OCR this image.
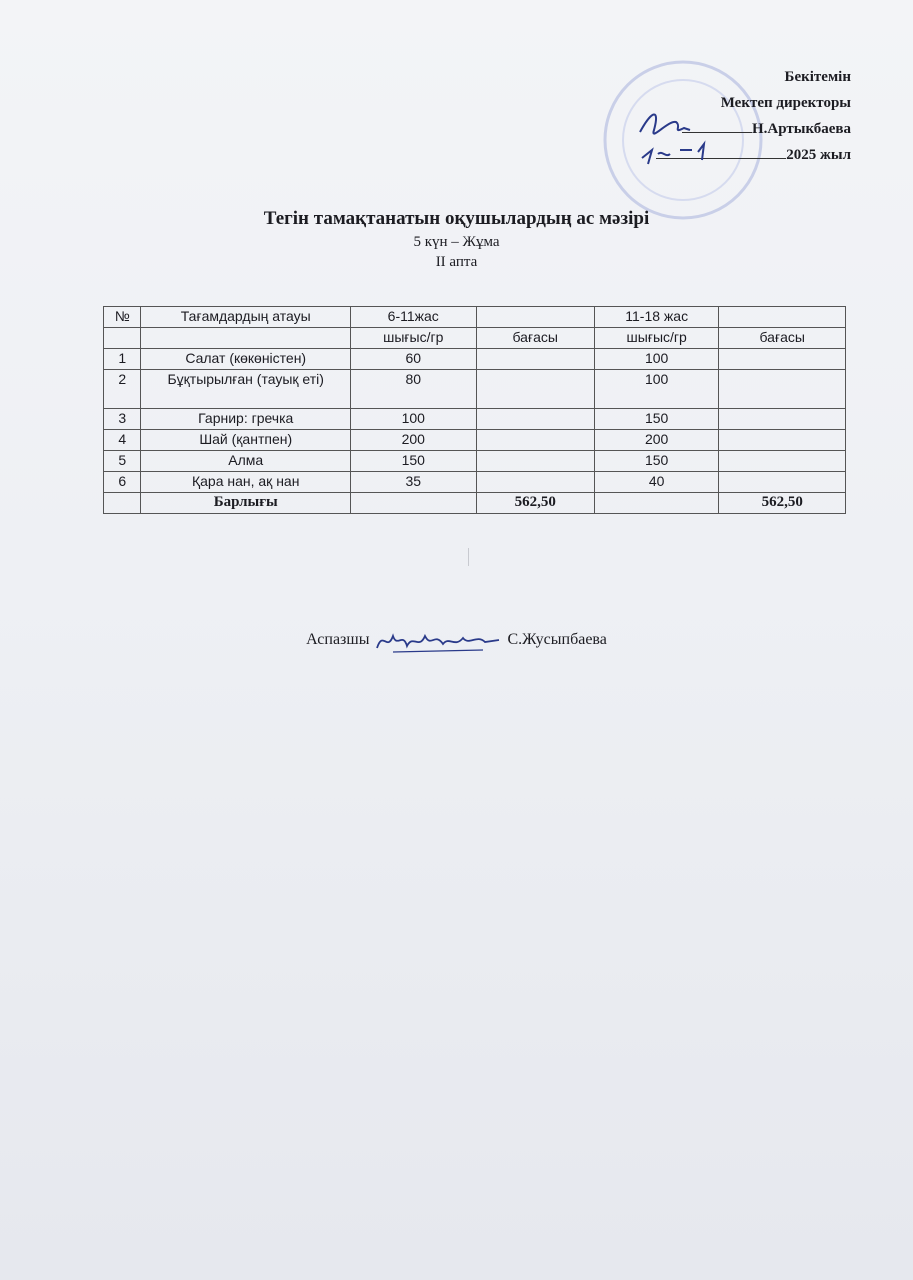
Бекітемін
Мектеп директоры
Н.Артыкбаева
2025 жыл

Тегін тамақтанатын оқушылардың ас мәзірі

5 күн – Жұма

II апта

№	Тағамдардың атауы	6-11жас		11-18 жас	
		шығыс/гр	бағасы	шығыс/гр	бағасы
1	Салат (көкөністен)	60		100	
2	Бұқтырылған (тауық еті)	80		100	
3	Гарнир: гречка	100		150	
4	Шай (қантпен)	200		200	
5	Алма	150		150	
6	Қара нан, ақ нан	35		40	
	Барлығы		562,50		562,50
Аспазшы	С.Жусыпбаева
